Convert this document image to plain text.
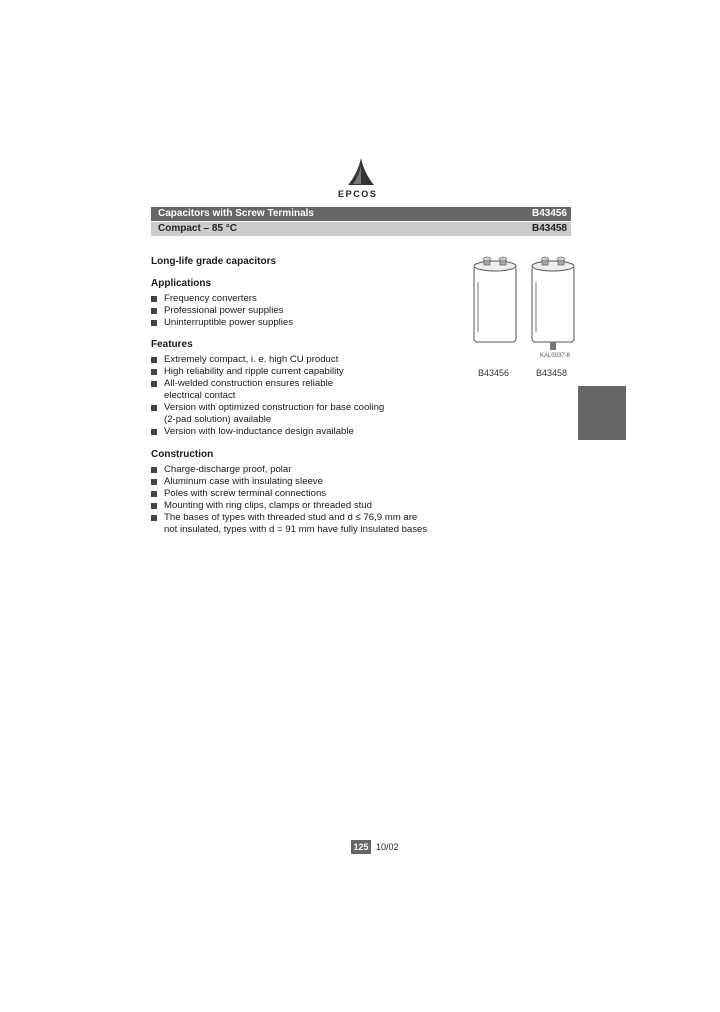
EPCOS
Capacitors with Screw Terminals	B43456
Compact – 85 °C	B43458

Long-life grade capacitors

Applications

Frequency converters
Professional power supplies
Uninterruptible power supplies

Features

Extremely compact, i. e. high CU product
High reliability and ripple current capability
All-welded construction ensures reliable
electrical contact
Version with optimized construction for base cooling
(2-pad solution) available
Version with low-inductance design available

Construction

Charge-discharge proof, polar
Aluminum case with insulating sleeve
Poles with screw terminal connections
Mounting with ring clips, clamps or threaded stud
The bases of types with threaded stud and d ≤ 76,9 mm are
not insulated, types with d = 91 mm have fully insulated bases
KAL0037-8
B43456	B43458
125 10/02
